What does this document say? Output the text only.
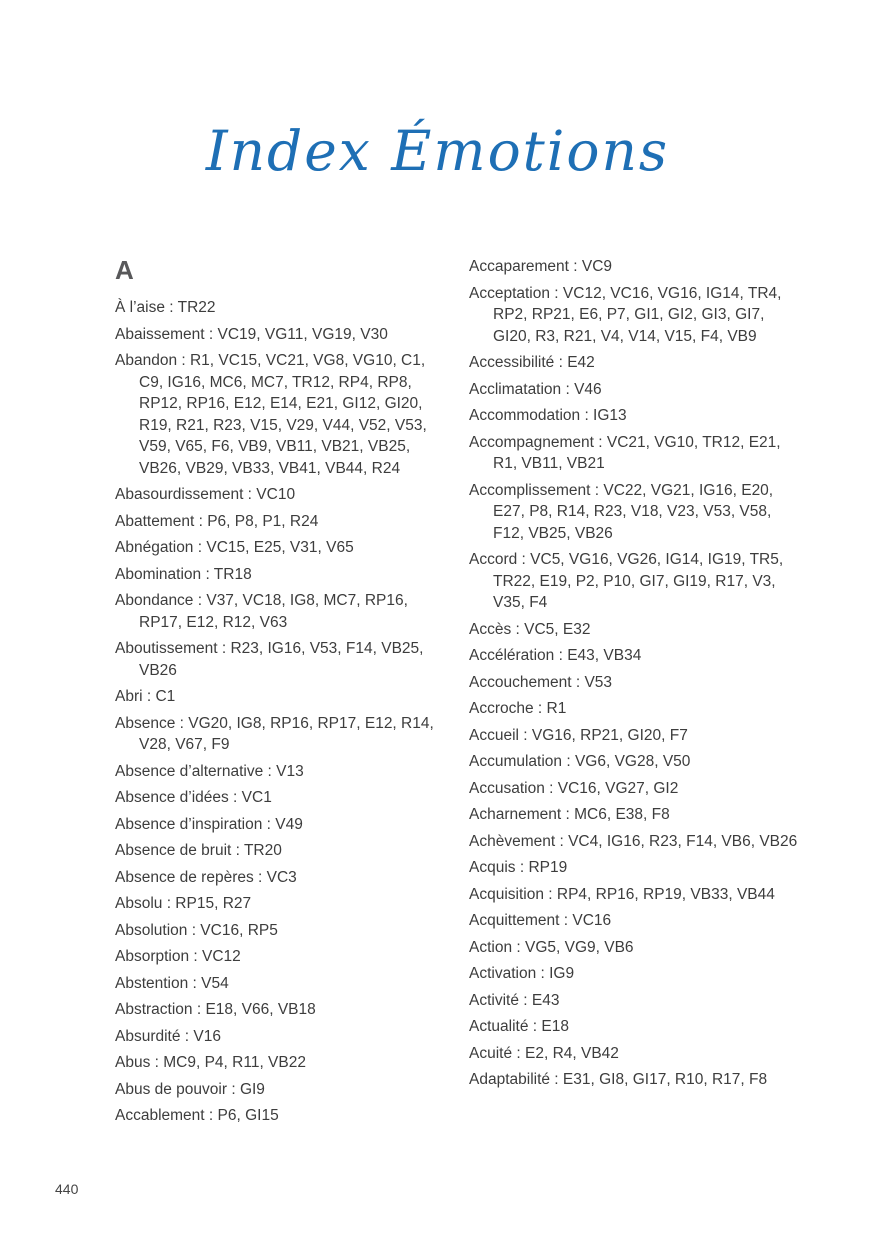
Index Émotions
A

À l’aise : TR22

Abaissement : VC19, VG11, VG19, V30

Abandon : R1, VC15, VC21, VG8, VG10, C1, C9, IG16, MC6, MC7, TR12, RP4, RP8, RP12, RP16, E12, E14, E21, GI12, GI20, R19, R21, R23, V15, V29, V44, V52, V53, V59, V65, F6, VB9, VB11, VB21, VB25, VB26, VB29, VB33, VB41, VB44, R24

Abasourdissement : VC10

Abattement : P6, P8, P1, R24

Abnégation : VC15, E25, V31, V65

Abomination : TR18

Abondance : V37, VC18, IG8, MC7, RP16, RP17, E12, R12, V63

Aboutissement : R23, IG16, V53, F14, VB25, VB26

Abri : C1

Absence : VG20, IG8, RP16, RP17, E12, R14, V28, V67, F9

Absence d’alternative : V13

Absence d’idées : VC1

Absence d’inspiration : V49

Absence de bruit : TR20

Absence de repères : VC3

Absolu : RP15, R27

Absolution : VC16, RP5

Absorption : VC12

Abstention : V54

Abstraction : E18, V66, VB18

Absurdité : V16

Abus : MC9, P4, R11, VB22

Abus de pouvoir : GI9

Accablement : P6, GI15

Accaparement : VC9

Acceptation : VC12, VC16, VG16, IG14, TR4, RP2, RP21, E6, P7, GI1, GI2, GI3, GI7, GI20, R3, R21, V4, V14, V15, F4, VB9

Accessibilité : E42

Acclimatation : V46

Accommodation : IG13

Accompagnement : VC21, VG10, TR12, E21, R1, VB11, VB21

Accomplissement : VC22, VG21, IG16, E20, E27, P8, R14, R23, V18, V23, V53, V58, F12, VB25, VB26

Accord : VC5, VG16, VG26, IG14, IG19, TR5, TR22, E19, P2, P10, GI7, GI19, R17, V3, V35, F4

Accès : VC5, E32

Accélération : E43, VB34

Accouchement : V53

Accroche : R1

Accueil : VG16, RP21, GI20, F7

Accumulation : VG6, VG28, V50

Accusation : VC16, VG27, GI2

Acharnement : MC6, E38, F8

Achèvement : VC4, IG16, R23, F14, VB6, VB26

Acquis : RP19

Acquisition : RP4, RP16, RP19, VB33, VB44

Acquittement : VC16

Action : VG5, VG9, VB6

Activation : IG9

Activité : E43

Actualité : E18

Acuité : E2, R4, VB42

Adaptabilité : E31, GI8, GI17, R10, R17, F8

440
